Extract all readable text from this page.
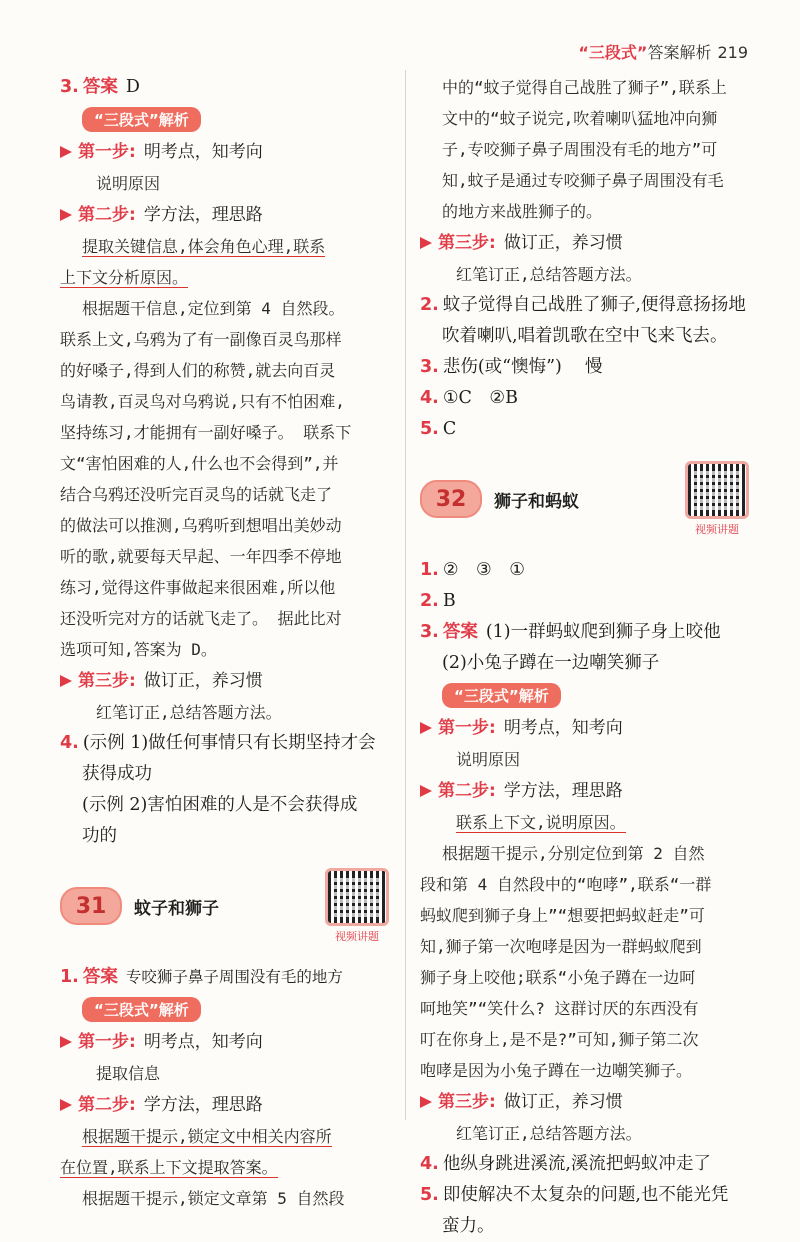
“三段式”答案解析 219

3. 答案 D

“三段式”解析
第一步: 明考点，知考向

说明原因

第二步: 学方法，理思路

提取关键信息,体会角色心理,联系

上下文分析原因。

根据题干信息,定位到第 4 自然段。

联系上文,乌鸦为了有一副像百灵鸟那样

的好嗓子,得到人们的称赞,就去向百灵

鸟请教,百灵鸟对乌鸦说,只有不怕困难,

坚持练习,才能拥有一副好嗓子。 联系下

文“害怕困难的人,什么也不会得到”,并

结合乌鸦还没听完百灵鸟的话就飞走了

的做法可以推测,乌鸦听到想唱出美妙动

听的歌,就要每天早起、一年四季不停地

练习,觉得这件事做起来很困难,所以他

还没听完对方的话就飞走了。 据此比对

选项可知,答案为 D。

第三步: 做订正，养习惯

红笔订正,总结答题方法。

4. (示例 1)做任何事情只有长期坚持才会

获得成功

(示例 2)害怕困难的人是不会获得成

功的

31	蚊子和狮子
视频讲题

1. 答案 专咬狮子鼻子周围没有毛的地方

“三段式”解析
第一步: 明考点，知考向

提取信息

第二步: 学方法，理思路

根据题干提示,锁定文中相关内容所

在位置,联系上下文提取答案。

根据题干提示,锁定文章第 5 自然段

中的“蚊子觉得自己战胜了狮子”,联系上

文中的“蚊子说完,吹着喇叭猛地冲向狮

子,专咬狮子鼻子周围没有毛的地方”可

知,蚊子是通过专咬狮子鼻子周围没有毛

的地方来战胜狮子的。

第三步: 做订正，养习惯

红笔订正,总结答题方法。

2. 蚊子觉得自己战胜了狮子,便得意扬扬地

吹着喇叭,唱着凯歌在空中飞来飞去。

3. 悲伤(或“懊悔”)　 慢

4. ①C　②B

5. C

32	狮子和蚂蚁
视频讲题

1. ②　③　①

2. B

3. 答案 (1)一群蚂蚁爬到狮子身上咬他

(2)小兔子蹲在一边嘲笑狮子

“三段式”解析
第一步: 明考点，知考向

说明原因

第二步: 学方法，理思路

联系上下文,说明原因。

根据题干提示,分别定位到第 2 自然

段和第 4 自然段中的“咆哮”,联系“一群

蚂蚁爬到狮子身上”“想要把蚂蚁赶走”可

知,狮子第一次咆哮是因为一群蚂蚁爬到

狮子身上咬他;联系“小兔子蹲在一边呵

呵地笑”“笑什么? 这群讨厌的东西没有

叮在你身上,是不是?”可知,狮子第二次

咆哮是因为小兔子蹲在一边嘲笑狮子。

第三步: 做订正，养习惯

红笔订正,总结答题方法。

4. 他纵身跳进溪流,溪流把蚂蚁冲走了

5. 即使解决不太复杂的问题,也不能光凭

蛮力。
